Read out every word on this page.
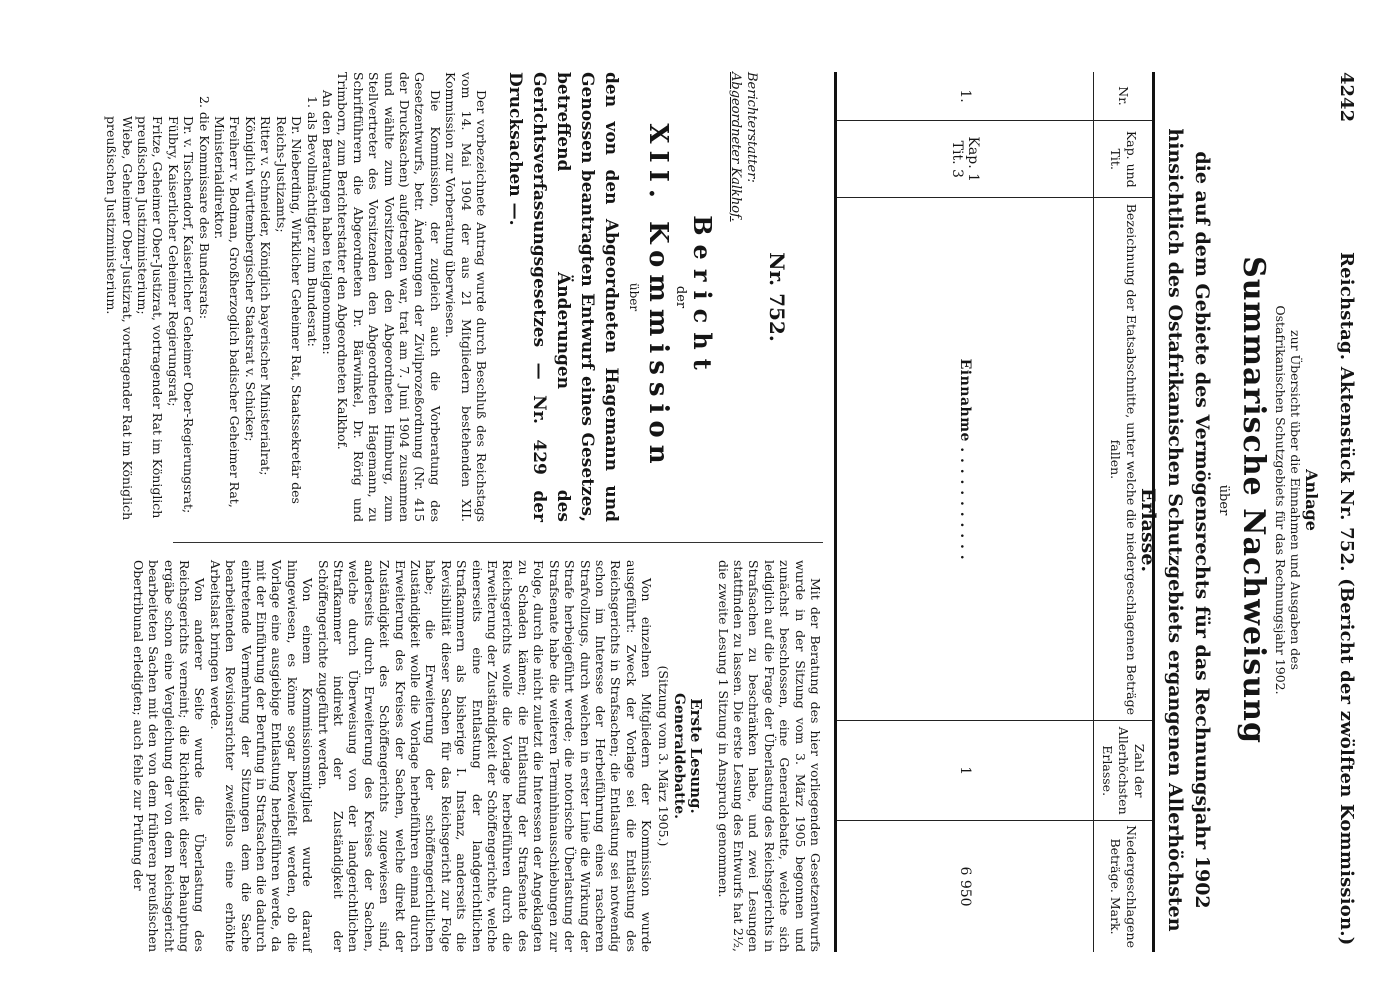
4242
Reichstag. Aktenstück Nr. 752. (Bericht der zwölften Kommission.)
Anlage
zur Übersicht über die Einnahmen und Ausgaben des
Ostafrikanischen Schutzgebiets für das Rechnungsjahr 1902.
Summarische Nachweisung
über
die auf dem Gebiete des Vermögensrechts für das Rechnungsjahr 1902 hinsichtlich des Ostafrikanischen Schutzgebiets ergangenen Allerhöchsten Erlasse.
Nr.	Kap. und Tit.	Bezeichnung der Etatsabschnitte, unter welche die niedergeschlagenen Beträge fallen.	Zahl der Allerhöchsten Erlasse.	Niedergeschlagene Beträge. Mark.
1.	Kap. 1 Tit. 3	Einnahme . . . . . . . . . . .	1	6 950
Nr. 752.

Berichterstatter:

Abgeordneter Kalkhof.

Bericht
der
XII. Kommission
über
den von den Abgeordneten Hagemann und Genossen beantragten Entwurf eines Gesetzes, betreffend Änderungen des Gerichtsverfassungsgesetzes — Nr. 429 der Drucksachen —.

Der vorbezeichnete Antrag wurde durch Beschluß des Reichstags vom 14. Mai 1904 der aus 21 Mitgliedern bestehenden XII. Kommission zur Vorberatung überwiesen.

Die Kommission, der zugleich auch die Vorberatung des Gesetzentwurfs, betr. Änderungen der Zivilprozeßordnung (Nr. 415 der Drucksachen) aufgetragen war, trat am 7. Juni 1904 zusammen und wählte zum Vorsitzenden den Abgeordneten Himburg, zum Stellvertreter des Vorsitzenden den Abgeordneten Hagemann, zu Schriftführern die Abgeordneten Dr. Bärwinkel, Dr. Rörig und Trimborn, zum Berichterstatter den Abgeordneten Kalkhof.

An den Beratungen haben teilgenommen:

1. als Bevollmächtigter zum Bundesrat:
Dr. Nieberding, Wirklicher Geheimer Rat, Staatssekretär des Reichs-Justizamts;
Ritter v. Schneider, Königlich bayerischer Ministerialrat;
Königlich württembergischer Staatsrat v. Schicker;
Freiherr v. Bodman, Großherzoglich badischer Geheimer Rat, Ministerialdirektor.
2. die Kommissare des Bundesrats:
Dr. v. Tischendorf, Kaiserlicher Geheimer Ober-Regierungsrat;
Fülbry, Kaiserlicher Geheimer Regierungsrat;
Fritze, Geheimer Ober-Justizrat, vortragender Rat im Königlich preußischen Justizministerium;
Wiebe, Geheimer Ober-Justizrat, vortragender Rat im Königlich preußischen Justizministerium.

Mit der Beratung des hier vorliegenden Gesetzentwurfs wurde in der Sitzung vom 3. März 1905 begonnen und zunächst beschlossen, eine Generaldebatte, welche sich lediglich auf die Frage der Überlastung des Reichsgerichts in Strafsachen zu beschränken habe, und zwei Lesungen stattfinden zu lassen. Die erste Lesung des Entwurfs hat 2½, die zweite Lesung 1 Sitzung in Anspruch genommen.

Erste Lesung.
Generaldebatte.
(Sitzung vom 3. März 1905.)

Von einzelnen Mitgliedern der Kommission wurde ausgeführt: Zweck der Vorlage sei die Entlastung des Reichsgerichts in Strafsachen; die Entlastung sei notwendig schon im Interesse der Herbeiführung eines rascheren Strafvollzugs, durch welchen in erster Linie die Wirkung der Strafe herbeigeführt werde; die notorische Überlastung der Strafsenate habe die weiteren Terminhinausschiebungen zur Folge, durch die nicht zuletzt die Interessen der Angeklagten zu Schaden kämen; die Entlastung der Strafsenate des Reichsgerichts wolle die Vorlage herbeiführen durch die Erweiterung der Zuständigkeit der Schöffengerichte, welche einerseits eine Entlastung der landgerichtlichen Strafkammern als bisherige I. Instanz, anderseits die Revisibilität dieser Sachen für das Reichsgericht zur Folge habe; die Erweiterung der schöffengerichtlichen Zuständigkeit wolle die Vorlage herbeiführen einmal durch Erweiterung des Kreises der Sachen, welche direkt der Zuständigkeit des Schöffengerichts zugewiesen sind, anderseits durch Erweiterung des Kreises der Sachen, welche durch Überweisung von der landgerichtlichen Strafkammer indirekt der Zuständigkeit der Schöffengerichte zugeführt werden.

Von einem Kommissionsmitglied wurde darauf hingewiesen, es könne sogar bezweifelt werden, ob die Vorlage eine ausgiebige Entlastung herbeiführen werde, da mit der Einführung der Berufung in Strafsachen die dadurch eintretende Vermehrung der Sitzungen dem die Sache bearbeitenden Revisionsrichter zweifellos eine erhöhte Arbeitslast bringen werde.

Von anderer Seite wurde die Überlastung des Reichsgerichts verneint; die Richtigkeit dieser Behauptung ergäbe schon eine Vergleichung der von dem Reichsgericht bearbeiteten Sachen mit den von dem früheren preußischen Obertribunal erledigten; auch fehle zur Prüfung der
